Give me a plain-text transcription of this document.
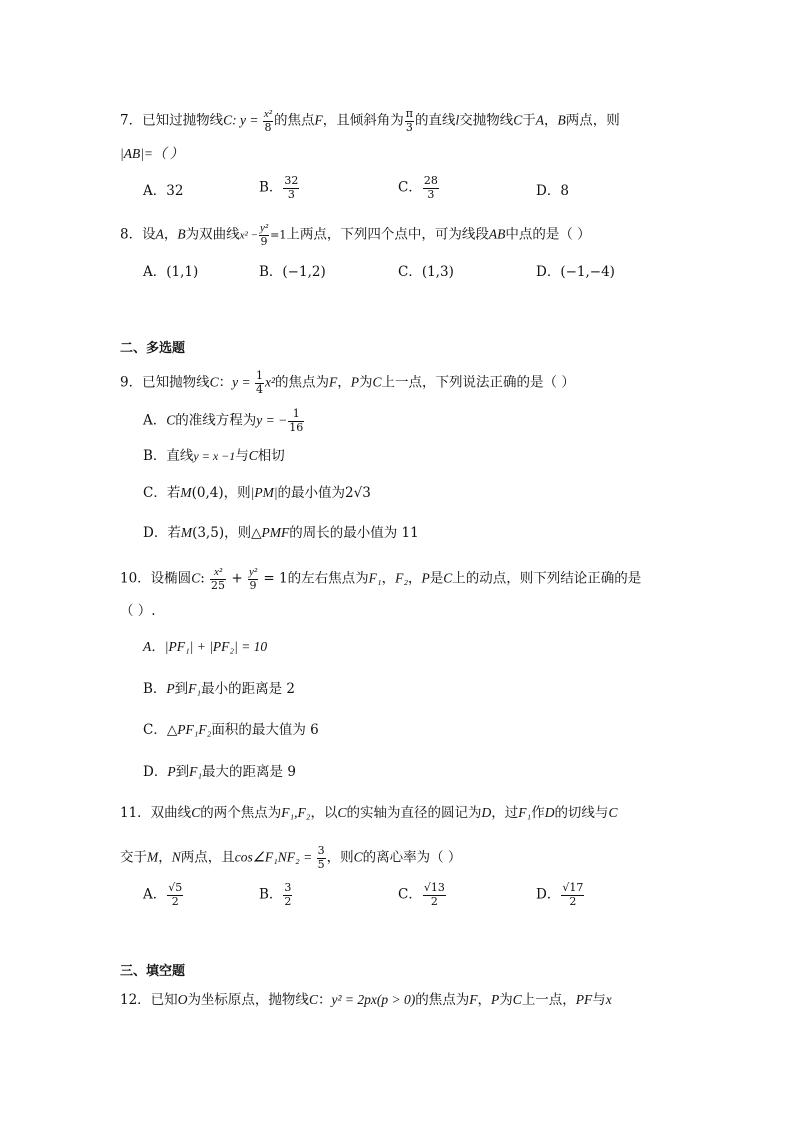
7．已知过抛物线C: $y = \frac{\text{x²}}{8}$ 的焦点F，且倾斜角为 $\frac{\pi}{3}$ 的直线l交抛物线C于A，B两点，则
|AB|=（ ）
A．32	B． $\frac{32}{3}$	C． $\frac{28}{3}$	D．8
8．设A，B为双曲线$x^2 - \frac{\text{y²}}{9} =1$上两点，下列四个点中，可为线段AB中点的是（ ）
A．(1,1)	B．(−1,2)	C．(1,3)	D．(−1,−4)
二、多选题
9．已知抛物线C：$y = \frac{1}{4} x^2$的焦点为F，P为C上一点，下列说法正确的是（ ）
A．C的准线方程为y = − $\frac{1}{16}$
B．直线y = x −1与C相切
C．若M(0,4)，则|PM|的最小值为2√3
D．若M(3,5)，则△PMF的周长的最小值为 11
10．设椭圆C: $\frac{\text{x²}}{25} + \frac{\text{y²}}{9} = 1$的左右焦点为F₁，F₂，P是C上的动点，则下列结论正确的是
（ ）.
A．|PF₁| + |PF₂| = 10
B．P到F₁最小的距离是 2
C．△PF₁F₂面积的最大值为 6
D．P到F₁最大的距离是 9
11．双曲线C的两个焦点为F₁,F₂，以C的实轴为直径的圆记为D，过F₁作D的切线与C
交于M，N两点，且cos∠F₁NF₂ = $\frac{3}{5}$ ，则C的离心率为（ ）
A． $\frac{√5}{2}$	B． $\frac{3}{2}$	C． $\frac{√13}{2}$	D． $\frac{√17}{2}$
三、填空题
12．已知O为坐标原点，抛物线C：y² = 2px(p > 0)的焦点为F，P为C上一点，PF与x
